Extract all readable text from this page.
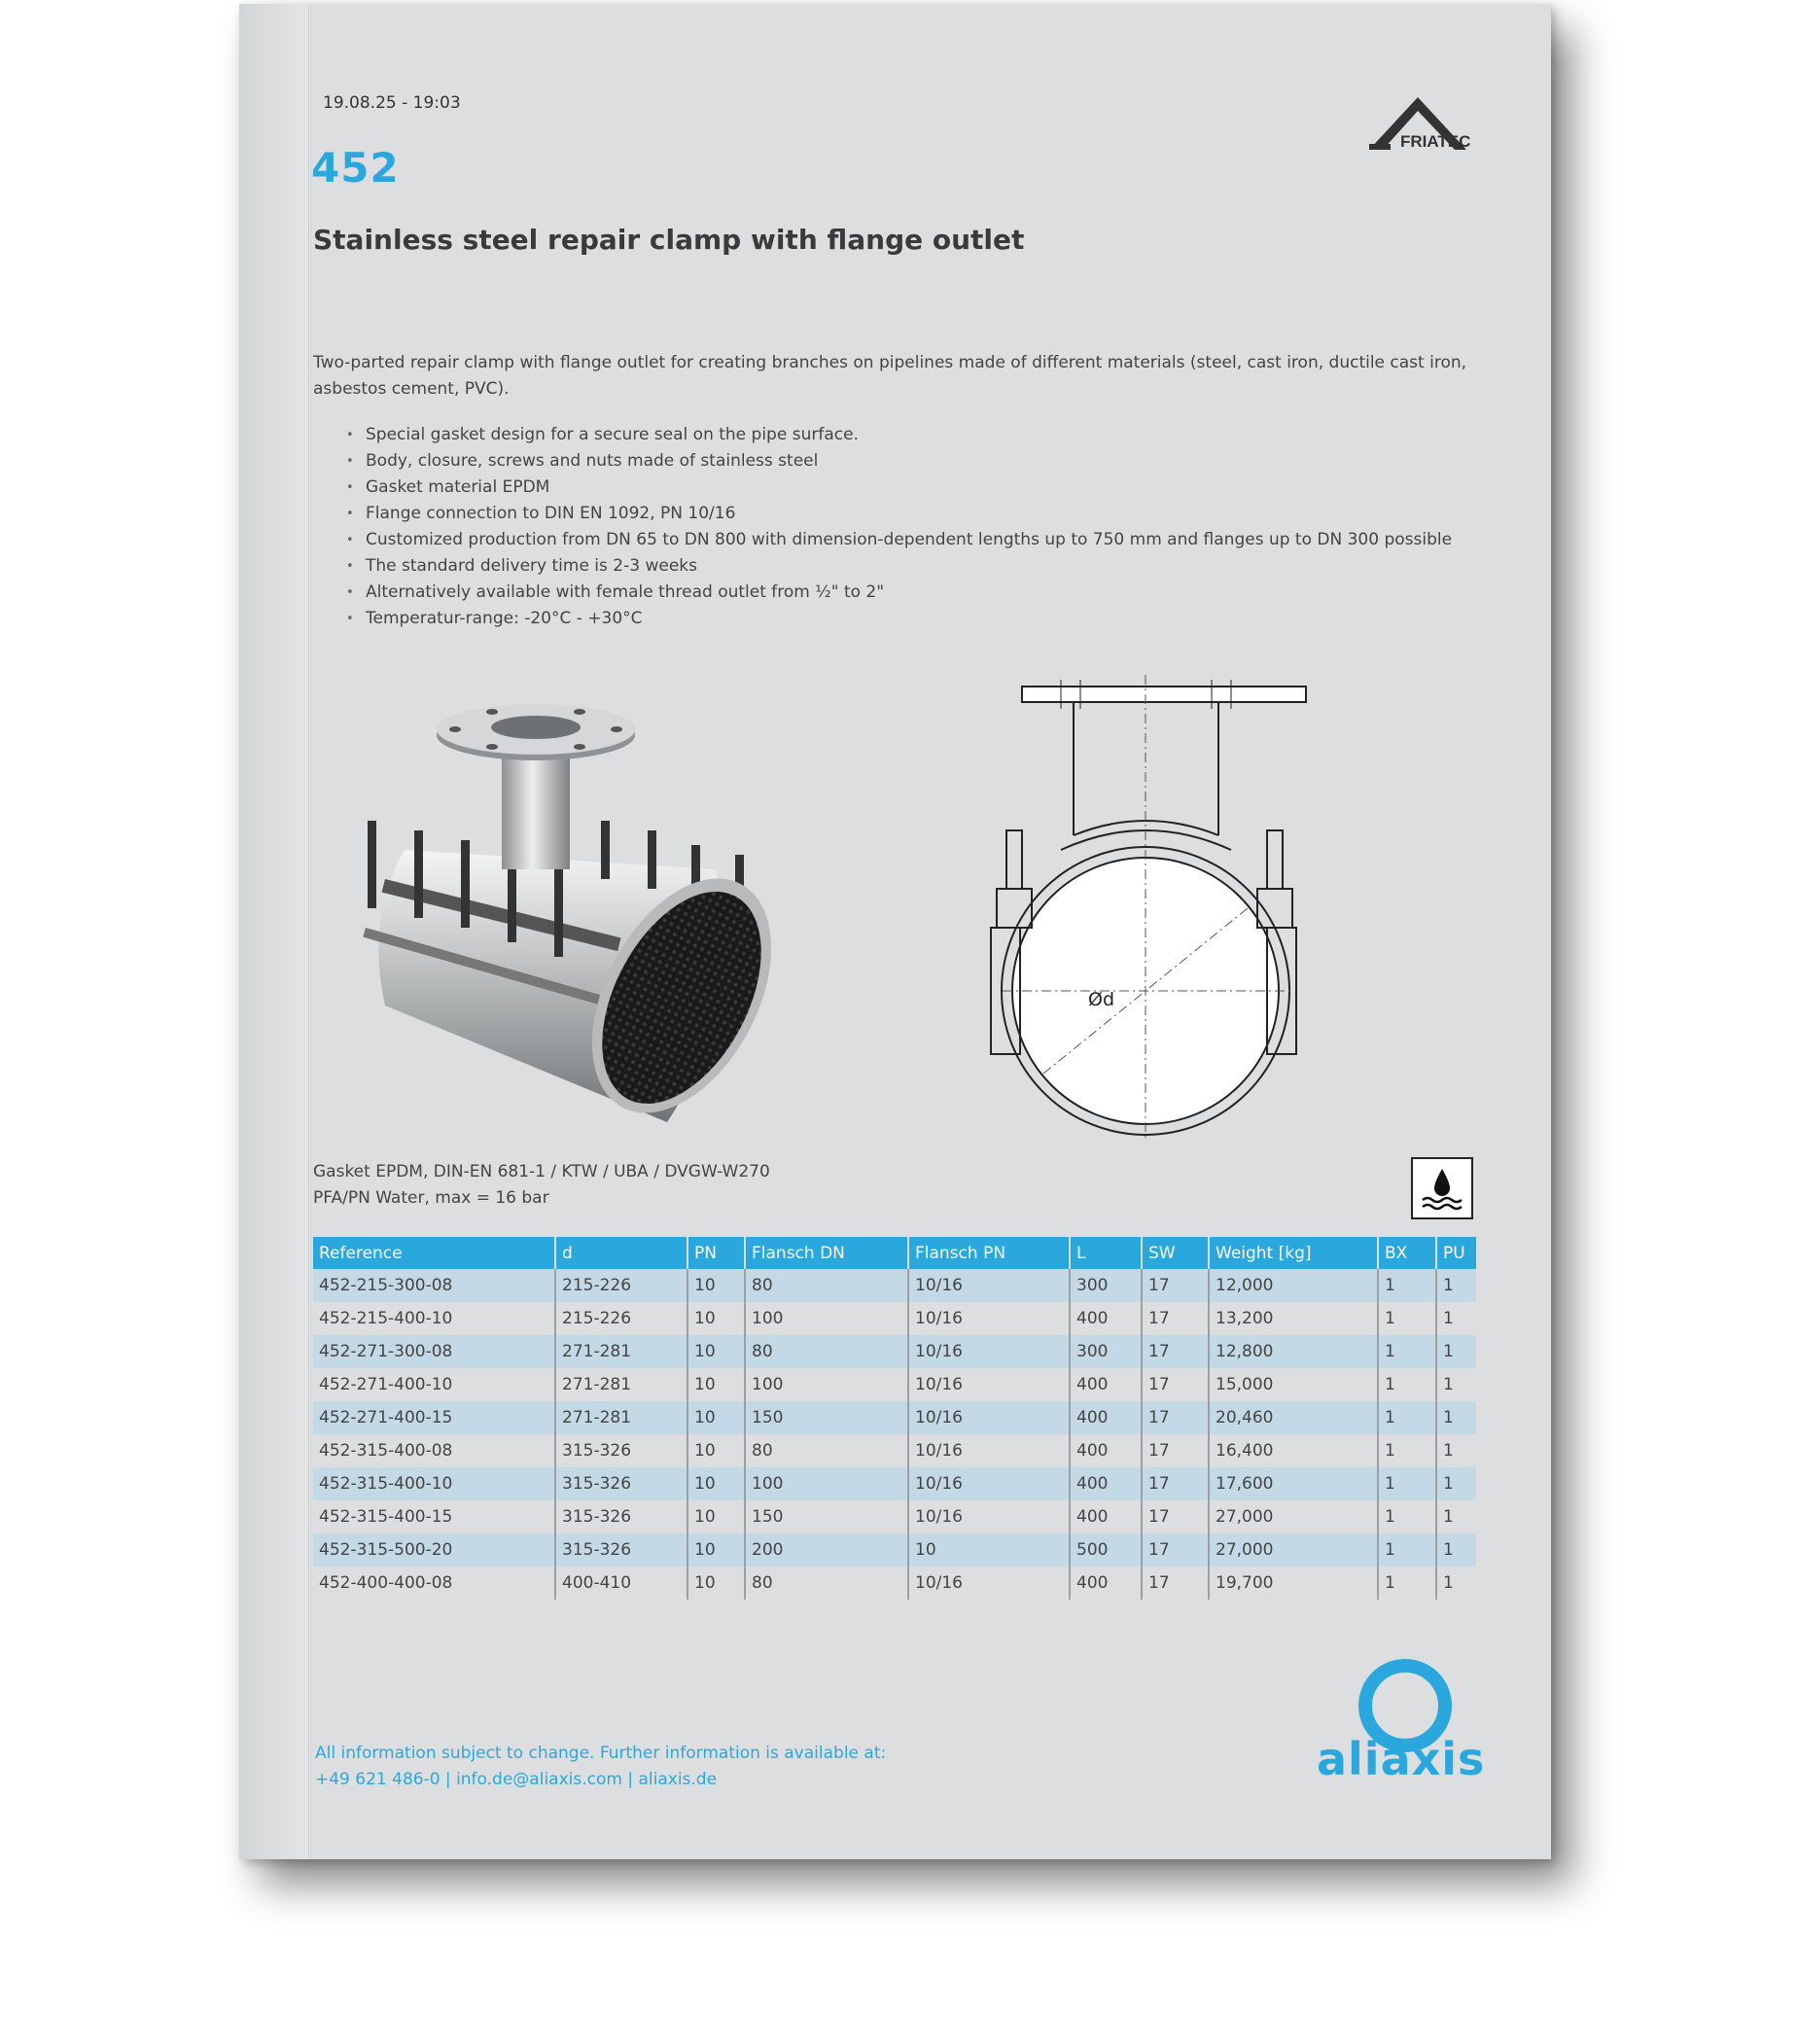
19.08.25 - 19:03
FRIATEC
452
Stainless steel repair clamp with flange outlet
Two-parted repair clamp with flange outlet for creating branches on pipelines made of different materials (steel, cast iron, ductile cast iron, asbestos cement, PVC).
• Special gasket design for a secure seal on the pipe surface.
• Body, closure, screws and nuts made of stainless steel
• Gasket material EPDM
• Flange connection to DIN EN 1092, PN 10/16
• Customized production from DN 65 to DN 800 with dimension-dependent lengths up to 750 mm and flanges up to DN 300 possible
• The standard delivery time is 2-3 weeks
• Alternatively available with female thread outlet from ½" to 2"
• Temperatur-range: -20°C - +30°C
Ød
Gasket EPDM, DIN-EN 681-1 / KTW / UBA / DVGW-W270
PFA/PN Water, max = 16 bar
Reference	d	PN	Flansch DN	Flansch PN	L	SW	Weight [kg]	BX	PU
452-215-300-08	215-226	10	80	10/16	300	17	12,000	1	1
452-215-400-10	215-226	10	100	10/16	400	17	13,200	1	1
452-271-300-08	271-281	10	80	10/16	300	17	12,800	1	1
452-271-400-10	271-281	10	100	10/16	400	17	15,000	1	1
452-271-400-15	271-281	10	150	10/16	400	17	20,460	1	1
452-315-400-08	315-326	10	80	10/16	400	17	16,400	1	1
452-315-400-10	315-326	10	100	10/16	400	17	17,600	1	1
452-315-400-15	315-326	10	150	10/16	400	17	27,000	1	1
452-315-500-20	315-326	10	200	10	500	17	27,000	1	1
452-400-400-08	400-410	10	80	10/16	400	17	19,700	1	1
All information subject to change. Further information is available at:
+49 621 486-0 | info.de@aliaxis.com | aliaxis.de	aliaxis
